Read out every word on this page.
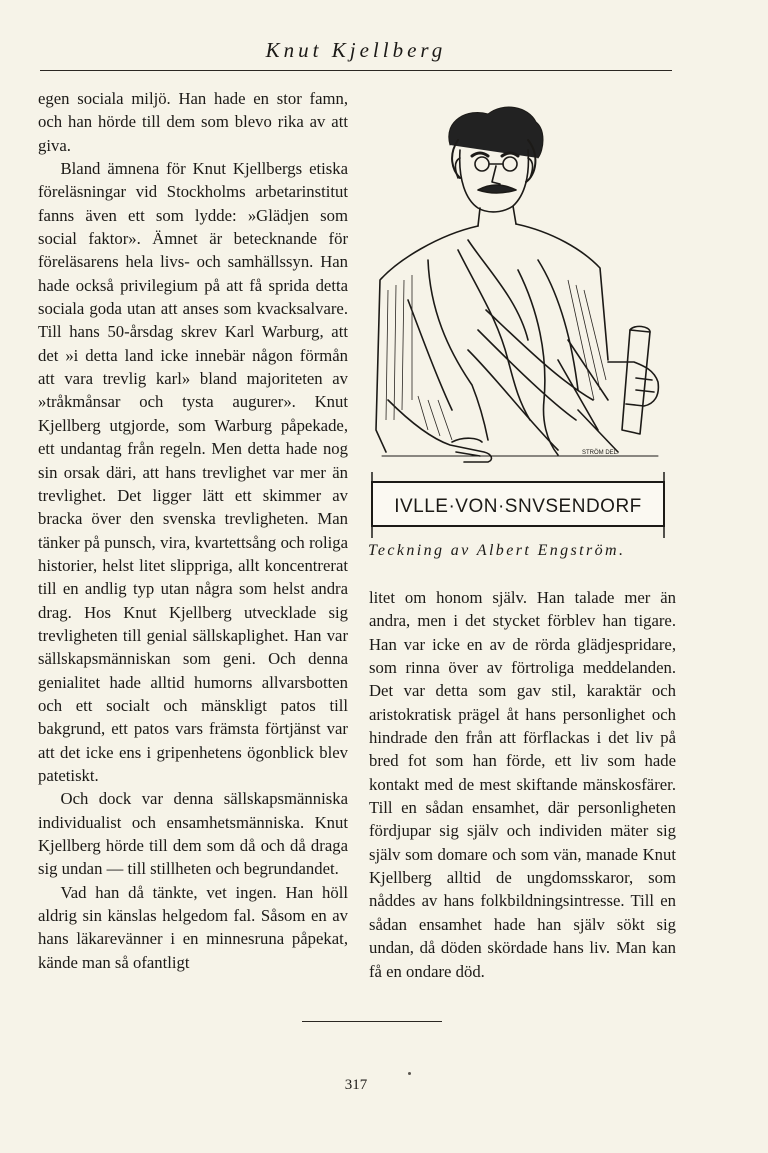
Knut Kjellberg

egen sociala miljö. Han hade en stor famn, och han hörde till dem som blevo rika av att giva.

Bland ämnena för Knut Kjellbergs etiska föreläsningar vid Stockholms arbetarinstitut fanns även ett som lydde: »Glädjen som social faktor». Ämnet är betecknande för föreläsarens hela livs- och samhällssyn. Han hade också privilegium på att få sprida detta sociala goda utan att anses som kvacksalvare. Till hans 50-årsdag skrev Karl Warburg, att det »i detta land icke innebär någon förmån att vara trevlig karl» bland majoriteten av »tråkmånsar och tysta augurer». Knut Kjellberg utgjorde, som Warburg påpekade, ett undantag från regeln. Men detta hade nog sin orsak däri, att hans trevlighet var mer än trevlighet. Det ligger lätt ett skimmer av bracka över den svenska trevligheten. Man tänker på punsch, vira, kvartettsång och roliga historier, helst litet slippriga, allt koncentrerat till en andlig typ utan några som helst andra drag. Hos Knut Kjellberg utvecklade sig trevligheten till genial sällskaplighet. Han var sällskapsmänniskan som geni. Och denna genialitet hade alltid humorns allvarsbotten och ett socialt och mänskligt patos till bakgrund, ett patos vars främsta förtjänst var att det icke ens i gripenhetens ögonblick blev patetiskt.

Och dock var denna sällskapsmänniska individualist och ensamhetsmänniska. Knut Kjellberg hörde till dem som då och då draga sig undan — till stillheten och begrundandet.

Vad han då tänkte, vet ingen. Han höll aldrig sin känslas helgedom fal. Såsom en av hans läkarevänner i en minnesruna påpekat, kände man så ofantligt

STRÖM DEL.
IVLLE·VON·SNVSENDORF
Teckning av Albert Engström.

litet om honom själv. Han talade mer än andra, men i det stycket förblev han tigare. Han var icke en av de rörda glädjespridare, som rinna över av förtroliga meddelanden. Det var detta som gav stil, karaktär och aristokratisk prägel åt hans personlighet och hindrade den från att förflackas i det liv på bred fot som han förde, ett liv som hade kontakt med de mest skiftande mänskosfärer. Till en sådan ensamhet, där personligheten fördjupar sig själv och individen mäter sig själv som domare och som vän, manade Knut Kjellberg alltid de ungdomsskaror, som nåddes av hans folkbildningsintresse. Till en sådan ensamhet hade han själv sökt sig undan, då döden skördade hans liv. Man kan få en ondare död.

317
